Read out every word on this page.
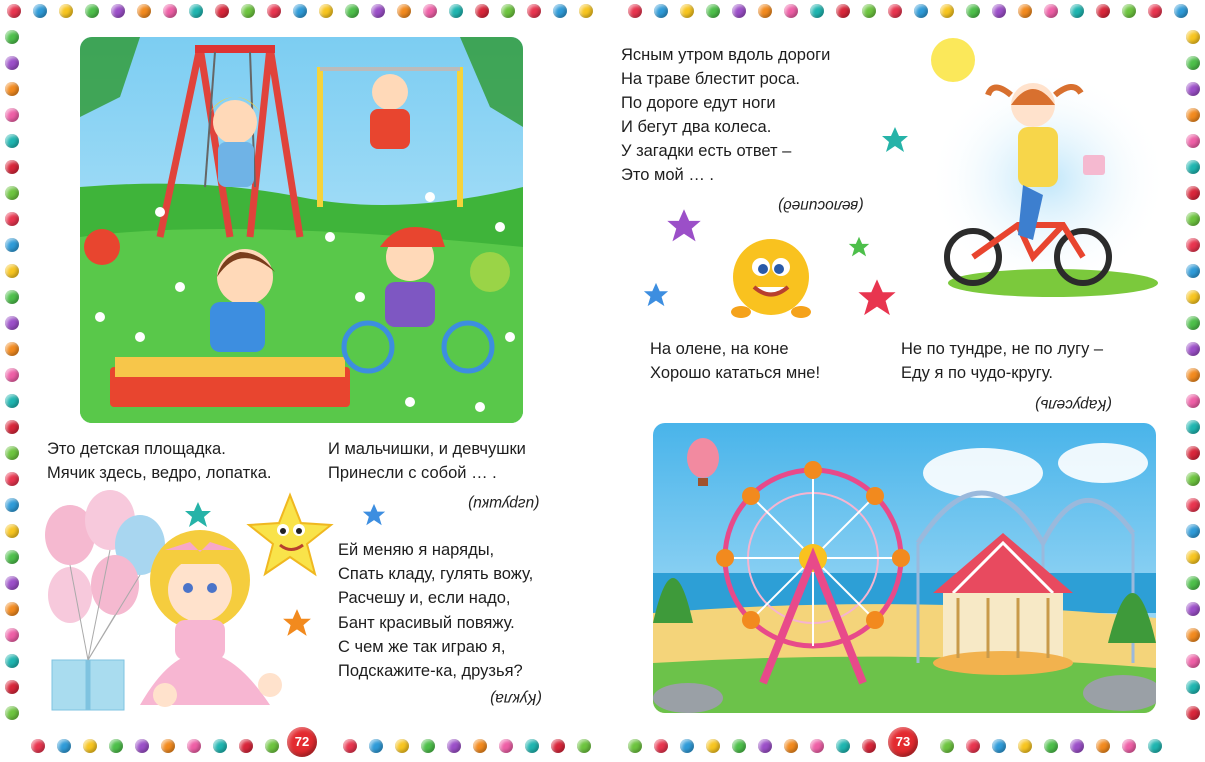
Это детская площадка.
Мячик здесь, ведро, лопатка.
И мальчишки, и девчушки
Принесли с собой … .
(игрушки)
Ей меняю я наряды,
Спать кладу, гулять вожу,
Расчешу и, если надо,
Бант красивый повяжу.
С чем же так играю я,
Подскажите-ка, друзья?
(Кукла)
72
Ясным утром вдоль дороги
На траве блестит роса.
По дороге едут ноги
И бегут два колеса.
У загадки есть ответ –
Это мой … .
(велосипед)
На олене, на коне
Хорошо кататься мне!
Не по тундре, не по лугу –
Еду я по чудо-кругу.
(Карусель)
73
